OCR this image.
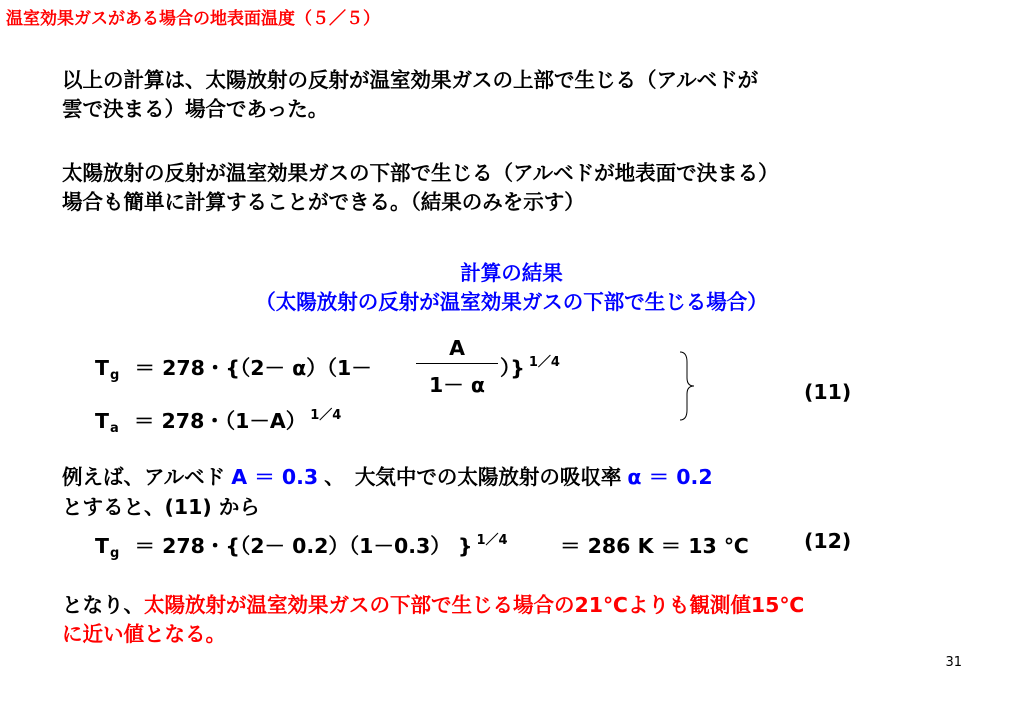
温室効果ガスがある場合の地表面温度（５／５）
以上の計算は、太陽放射の反射が温室効果ガスの上部で生じる（アルベドが
雲で決まる）場合であった。
太陽放射の反射が温室効果ガスの下部で生じる（アルベドが地表面で決まる）
場合も簡単に計算することができる。（結果のみを示す）
計算の結果
（太陽放射の反射が温室効果ガスの下部で生じる場合）
$T_g = 278$・{（2－ α）（1－
A
1－ α
）} $^{1/4}$
$T_a = 278$・（1－A） $^{1/4}$
(11)
例えば、アルベド A ＝ 0.3 、　大気中での太陽放射の吸収率 α ＝ 0.2
とすると、(11) から
$T_g = 278$・{（2－ 0.2）（1－0.3） } $^{1/4}$	＝ 286 K ＝ 13 ℃	(12)
となり、太陽放射が温室効果ガスの下部で生じる場合の21℃よりも観測値15℃
に近い値となる。
31
